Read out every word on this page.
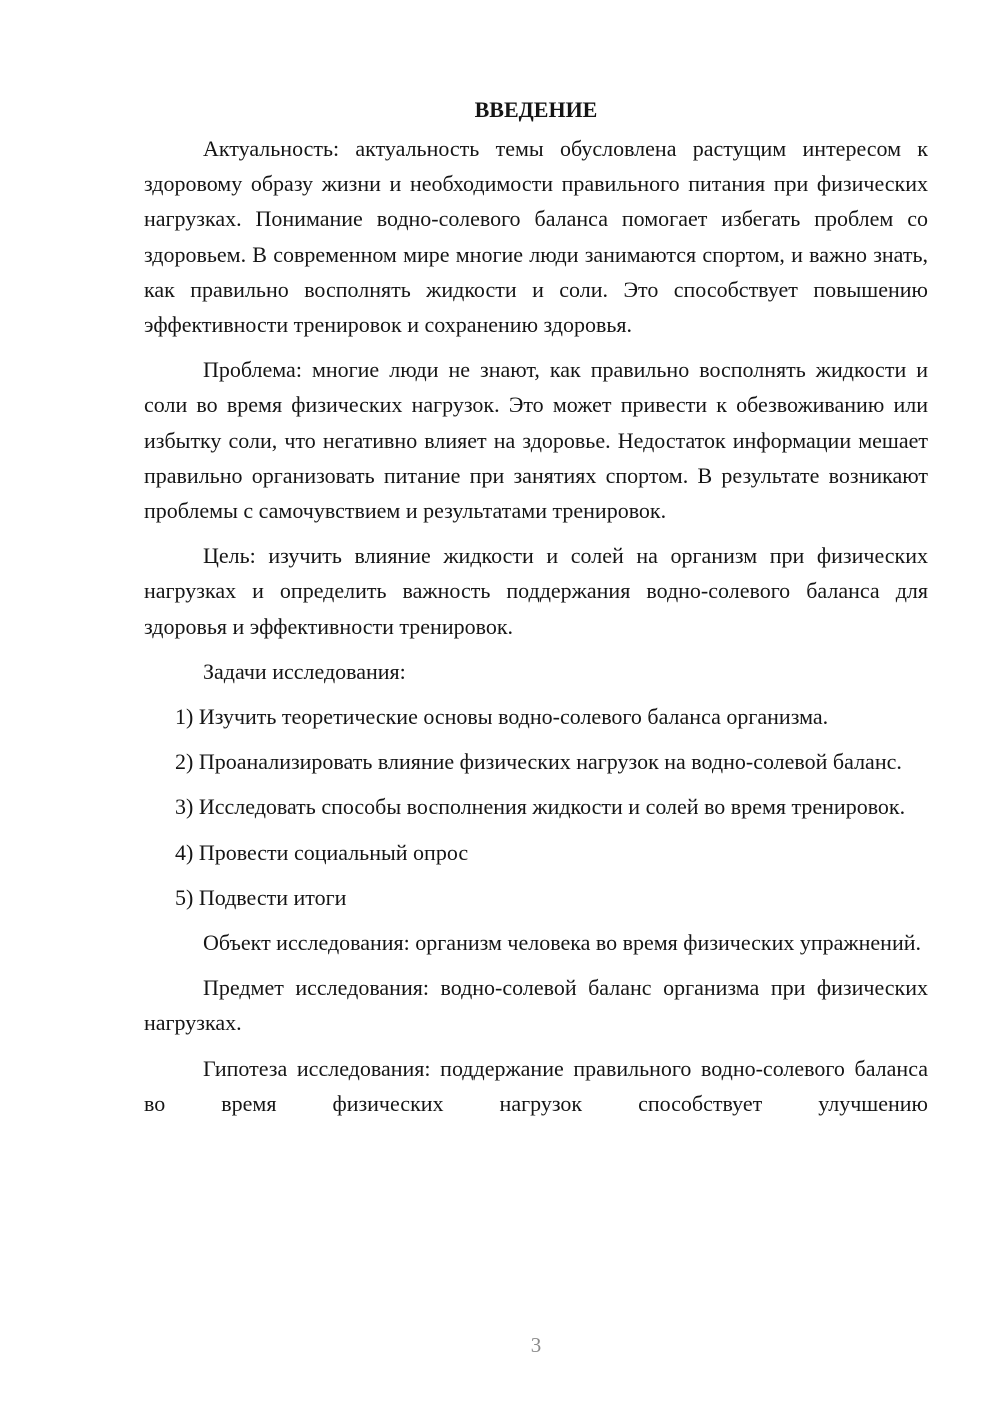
ВВЕДЕНИЕ

Актуальность: актуальность темы обусловлена растущим интересом к здоровому образу жизни и необходимости правильного питания при физических нагрузках. Понимание водно-солевого баланса помогает избегать проблем со здоровьем. В современном мире многие люди занимаются спортом, и важно знать, как правильно восполнять жидкости и соли. Это способствует повышению эффективности тренировок и сохранению здоровья.

Проблема: многие люди не знают, как правильно восполнять жидкости и соли во время физических нагрузок. Это может привести к обезвоживанию или избытку соли, что негативно влияет на здоровье. Недостаток информации мешает правильно организовать питание при занятиях спортом. В результате возникают проблемы с самочувствием и результатами тренировок.

Цель: изучить влияние жидкости и солей на организм при физических нагрузках и определить важность поддержания водно-солевого баланса для здоровья и эффективности тренировок.

Задачи исследования:

1) Изучить теоретические основы водно-солевого баланса организма.

2) Проанализировать влияние физических нагрузок на водно-солевой баланс.

3) Исследовать способы восполнения жидкости и солей во время тренировок.

4) Провести социальный опрос

5) Подвести итоги

Объект исследования: организм человека во время физических упражнений.

Предмет исследования: водно-солевой баланс организма при физических нагрузках.

Гипотеза исследования: поддержание правильного водно-солевого баланса во время физических нагрузок способствует улучшению

3
